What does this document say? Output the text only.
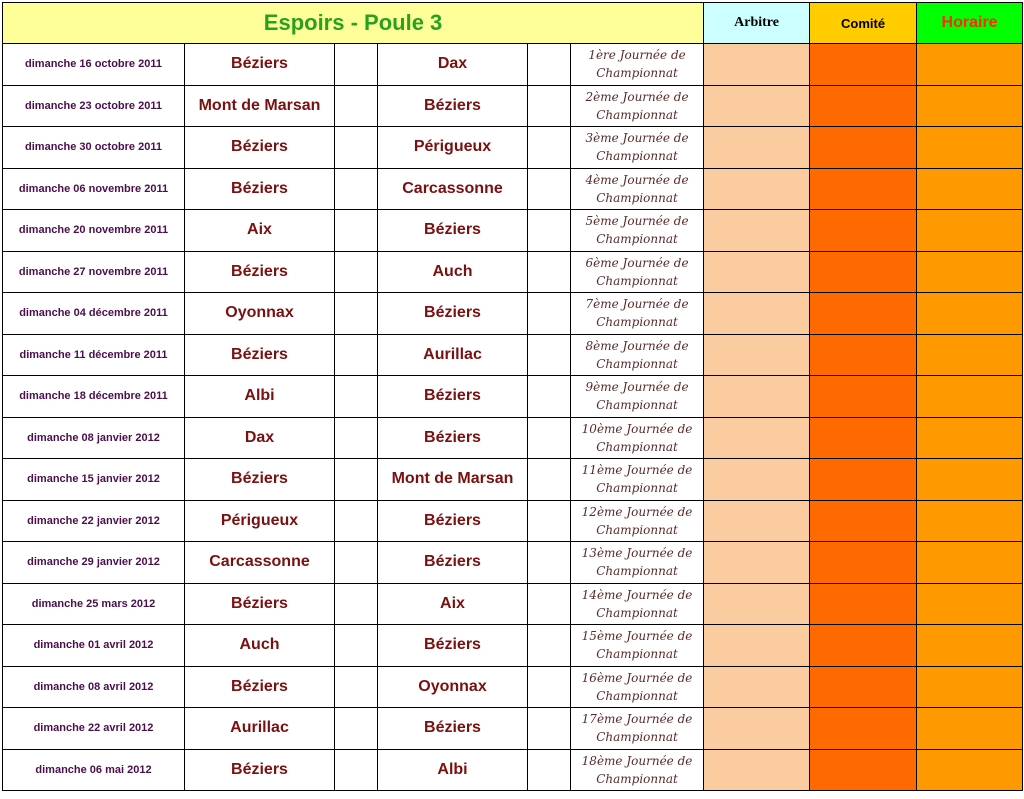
Espoirs - Poule 3						Arbitre	Comité	Horaire
dimanche 16 octobre 2011	Béziers		Dax		1ère Journée de
Championnat			

dimanche 23 octobre 2011	Mont de Marsan		Béziers		2ème Journée de
Championnat			

dimanche 30 octobre 2011	Béziers		Périgueux		3ème Journée de
Championnat			

dimanche 06 novembre 2011	Béziers		Carcassonne		4ème Journée de
Championnat			

dimanche 20 novembre 2011	Aix		Béziers		5ème Journée de
Championnat			

dimanche 27 novembre 2011	Béziers		Auch		6ème Journée de
Championnat			

dimanche 04 décembre 2011	Oyonnax		Béziers		7ème Journée de
Championnat			

dimanche 11 décembre 2011	Béziers		Aurillac		8ème Journée de
Championnat			

dimanche 18 décembre 2011	Albi		Béziers		9ème Journée de
Championnat			

dimanche 08 janvier 2012	Dax		Béziers		10ème Journée de
Championnat			

dimanche 15 janvier 2012	Béziers		Mont de Marsan		11ème Journée de
Championnat			

dimanche 22 janvier 2012	Périgueux		Béziers		12ème Journée de
Championnat			

dimanche 29 janvier 2012	Carcassonne		Béziers		13ème Journée de
Championnat			

dimanche 25 mars 2012	Béziers		Aix		14ème Journée de
Championnat			

dimanche 01 avril 2012	Auch		Béziers		15ème Journée de
Championnat			

dimanche 08 avril 2012	Béziers		Oyonnax		16ème Journée de
Championnat			

dimanche 22 avril 2012	Aurillac		Béziers		17ème Journée de
Championnat			

dimanche 06 mai 2012	Béziers		Albi		18ème Journée de
Championnat			
